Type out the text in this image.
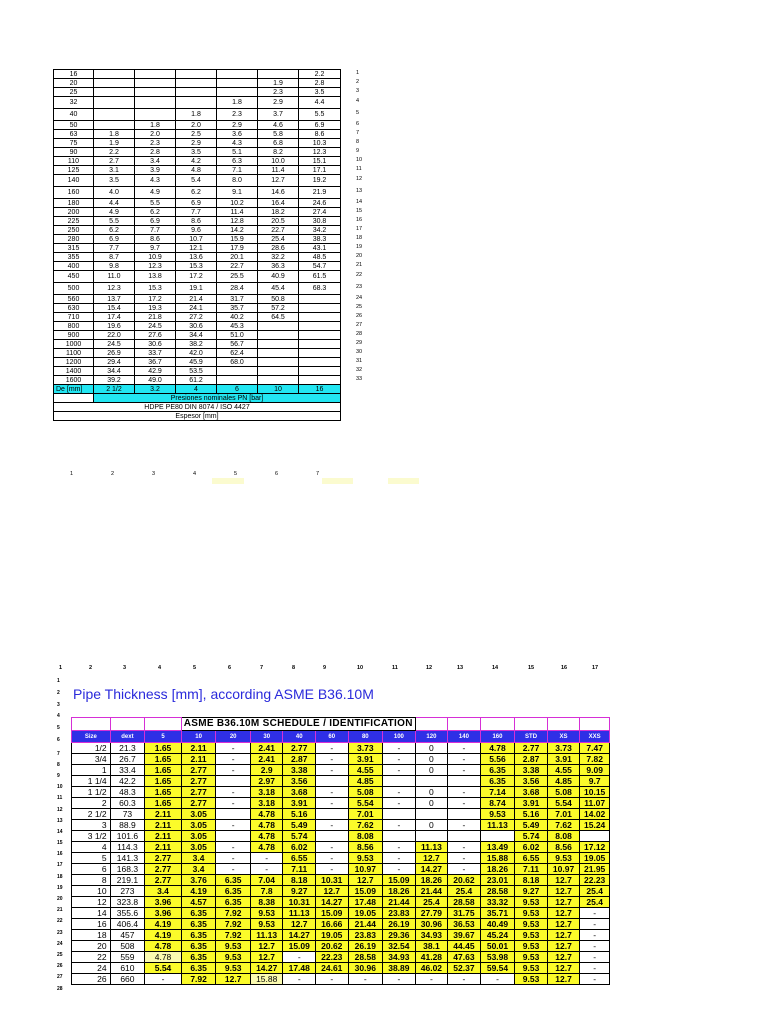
16						2.2
20					1.9	2.8
25					2.3	3.5
32				1.8	2.9	4.4
40			1.8	2.3	3.7	5.5
50		1.8	2.0	2.9	4.6	6.9
63	1.8	2.0	2.5	3.6	5.8	8.6
75	1.9	2.3	2.9	4.3	6.8	10.3
90	2.2	2.8	3.5	5.1	8.2	12.3
110	2.7	3.4	4.2	6.3	10.0	15.1
125	3.1	3.9	4.8	7.1	11.4	17.1
140	3.5	4.3	5.4	8.0	12.7	19.2
160	4.0	4.9	6.2	9.1	14.6	21.9
180	4.4	5.5	6.9	10.2	16.4	24.6
200	4.9	6.2	7.7	11.4	18.2	27.4
225	5.5	6.9	8.6	12.8	20.5	30.8
250	6.2	7.7	9.6	14.2	22.7	34.2
280	6.9	8.6	10.7	15.9	25.4	38.3
315	7.7	9.7	12.1	17.9	28.6	43.1
355	8.7	10.9	13.6	20.1	32.2	48.5
400	9.8	12.3	15.3	22.7	36.3	54.7
450	11.0	13.8	17.2	25.5	40.9	61.5
500	12.3	15.3	19.1	28.4	45.4	68.3
560	13.7	17.2	21.4	31.7	50.8	
630	15.4	19.3	24.1	35.7	57.2	
710	17.4	21.8	27.2	40.2	64.5	
800	19.6	24.5	30.6	45.3		
900	22.0	27.6	34.4	51.0		
1000	24.5	30.6	38.2	56.7		
1100	26.9	33.7	42.0	62.4		
1200	29.4	36.7	45.9	68.0		
1400	34.4	42.9	53.5			
1600	39.2	49.0	61.2			
De [mm]	2 1/2	3.2	4	6	10	16
	Presiones nominales PN [bar]					
HDPE PE80 DIN 8074 / ISO 4427						
Espesor [mm]						
1
2
3
4
5
6
7
8
9
10
11
12
13
14
15
16
17
18
19
20
21
22
23
24
25
26
27
28
29
30
31
32
33
1	2	3	4	5	6	7
1	2	3	4	5	6	7	8	9	10	11	12	13	14	15	16	17
1
2
3
4
5
6
Pipe Thickness [mm], according ASME B36.10M
			ASME B36.10M SCHEDULE / IDENTIFICATION												
Size	dext	5	10	20	30	40	60	80	100	120	140	160	STD	XS	XXS
1/2	21.3	1.65	2.11	-	2.41	2.77	-	3.73	-	0	-	4.78	2.77	3.73	7.47
3/4	26.7	1.65	2.11	-	2.41	2.87	-	3.91	-	0	-	5.56	2.87	3.91	7.82
1	33.4	1.65	2.77	-	2.9	3.38	-	4.55	-	0	-	6.35	3.38	4.55	9.09
1 1/4	42.2	1.65	2.77		2.97	3.56		4.85				6.35	3.56	4.85	9.7
1 1/2	48.3	1.65	2.77	-	3.18	3.68	-	5.08	-	0	-	7.14	3.68	5.08	10.15
2	60.3	1.65	2.77	-	3.18	3.91	-	5.54	-	0	-	8.74	3.91	5.54	11.07
2 1/2	73	2.11	3.05		4.78	5.16		7.01				9.53	5.16	7.01	14.02
3	88.9	2.11	3.05	-	4.78	5.49	-	7.62	-	0	-	11.13	5.49	7.62	15.24
3 1/2	101.6	2.11	3.05		4.78	5.74		8.08					5.74	8.08	
4	114.3	2.11	3.05	-	4.78	6.02	-	8.56	-	11.13	-	13.49	6.02	8.56	17.12
5	141.3	2.77	3.4	-	-	6.55	-	9.53	-	12.7	-	15.88	6.55	9.53	19.05
6	168.3	2.77	3.4	-	-	7.11	-	10.97	-	14.27	-	18.26	7.11	10.97	21.95
8	219.1	2.77	3.76	6.35	7.04	8.18	10.31	12.7	15.09	18.26	20.62	23.01	8.18	12.7	22.23
10	273	3.4	4.19	6.35	7.8	9.27	12.7	15.09	18.26	21.44	25.4	28.58	9.27	12.7	25.4
12	323.8	3.96	4.57	6.35	8.38	10.31	14.27	17.48	21.44	25.4	28.58	33.32	9.53	12.7	25.4
14	355.6	3.96	6.35	7.92	9.53	11.13	15.09	19.05	23.83	27.79	31.75	35.71	9.53	12.7	-
16	406.4	4.19	6.35	7.92	9.53	12.7	16.66	21.44	26.19	30.96	36.53	40.49	9.53	12.7	-
18	457	4.19	6.35	7.92	11.13	14.27	19.05	23.83	29.36	34.93	39.67	45.24	9.53	12.7	-
20	508	4.78	6.35	9.53	12.7	15.09	20.62	26.19	32.54	38.1	44.45	50.01	9.53	12.7	-
22	559	4.78	6.35	9.53	12.7	-	22.23	28.58	34.93	41.28	47.63	53.98	9.53	12.7	-
24	610	5.54	6.35	9.53	14.27	17.48	24.61	30.96	38.89	46.02	52.37	59.54	9.53	12.7	-
26	660	-	7.92	12.7	15.88	-	-	-	-	-	-	-	9.53	12.7	-
7
8
9
10
11
12
13
14
15
16
17
18
19
20
21
22
23
24
25
26
27
28
